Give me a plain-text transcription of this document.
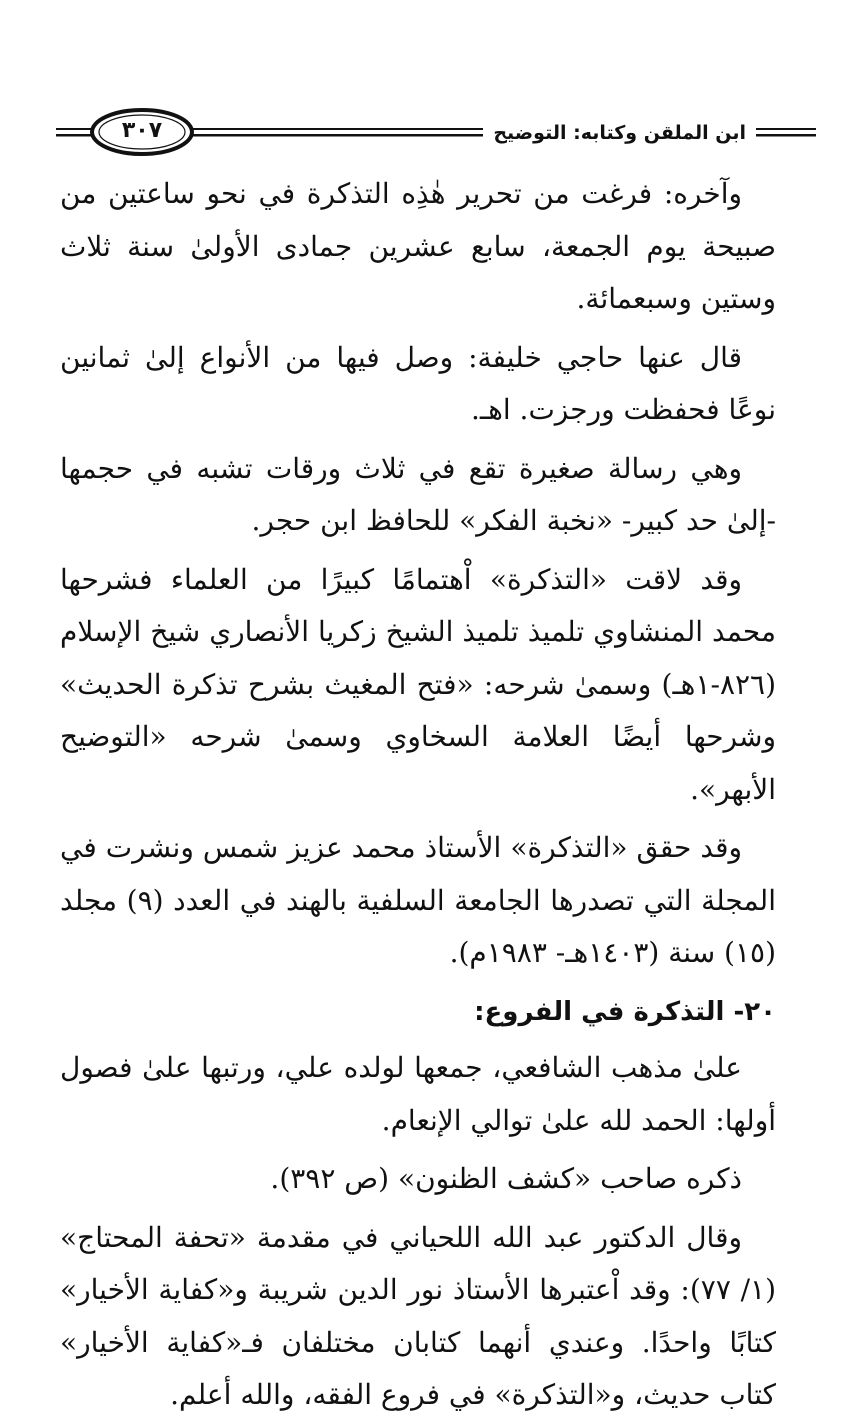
ابن الملقن وكتابه: التوضيح
٣٠٧

وآخره: فرغت من تحرير هٰذِه التذكرة في نحو ساعتين من صبيحة يوم الجمعة، سابع عشرين جمادى الأولىٰ سنة ثلاث وستين وسبعمائة.

قال عنها حاجي خليفة: وصل فيها من الأنواع إلىٰ ثمانين نوعًا فحفظت ورجزت. اهـ.

وهي رسالة صغيرة تقع في ثلاث ورقات تشبه في حجمها -إلىٰ حد كبير- «نخبة الفكر» للحافظ ابن حجر.

وقد لاقت «التذكرة» اْهتمامًا كبيرًا من العلماء فشرحها محمد المنشاوي تلميذ تلميذ الشيخ زكريا الأنصاري شيخ الإسلام (٨٢٦-١هـ) وسمىٰ شرحه: «فتح المغيث بشرح تذكرة الحديث» وشرحها أيضًا العلامة السخاوي وسمىٰ شرحه «التوضيح الأبهر».

وقد حقق «التذكرة» الأستاذ محمد عزيز شمس ونشرت في المجلة التي تصدرها الجامعة السلفية بالهند في العدد (٩) مجلد (١٥) سنة (١٤٠٣هـ- ١٩٨٣م).

٢٠- التذكرة في الفروع:

علىٰ مذهب الشافعي، جمعها لولده علي، ورتبها علىٰ فصول أولها: الحمد لله علىٰ توالي الإنعام.

ذكره صاحب «كشف الظنون» (ص ٣٩٢).

وقال الدكتور عبد الله اللحياني في مقدمة «تحفة المحتاج» (١/ ٧٧): وقد اْعتبرها الأستاذ نور الدين شريبة و«كفاية الأخيار» كتابًا واحدًا. وعندي أنهما كتابان مختلفان فـ«كفاية الأخيار» كتاب حديث، و«التذكرة» في فروع الفقه، والله أعلم.
